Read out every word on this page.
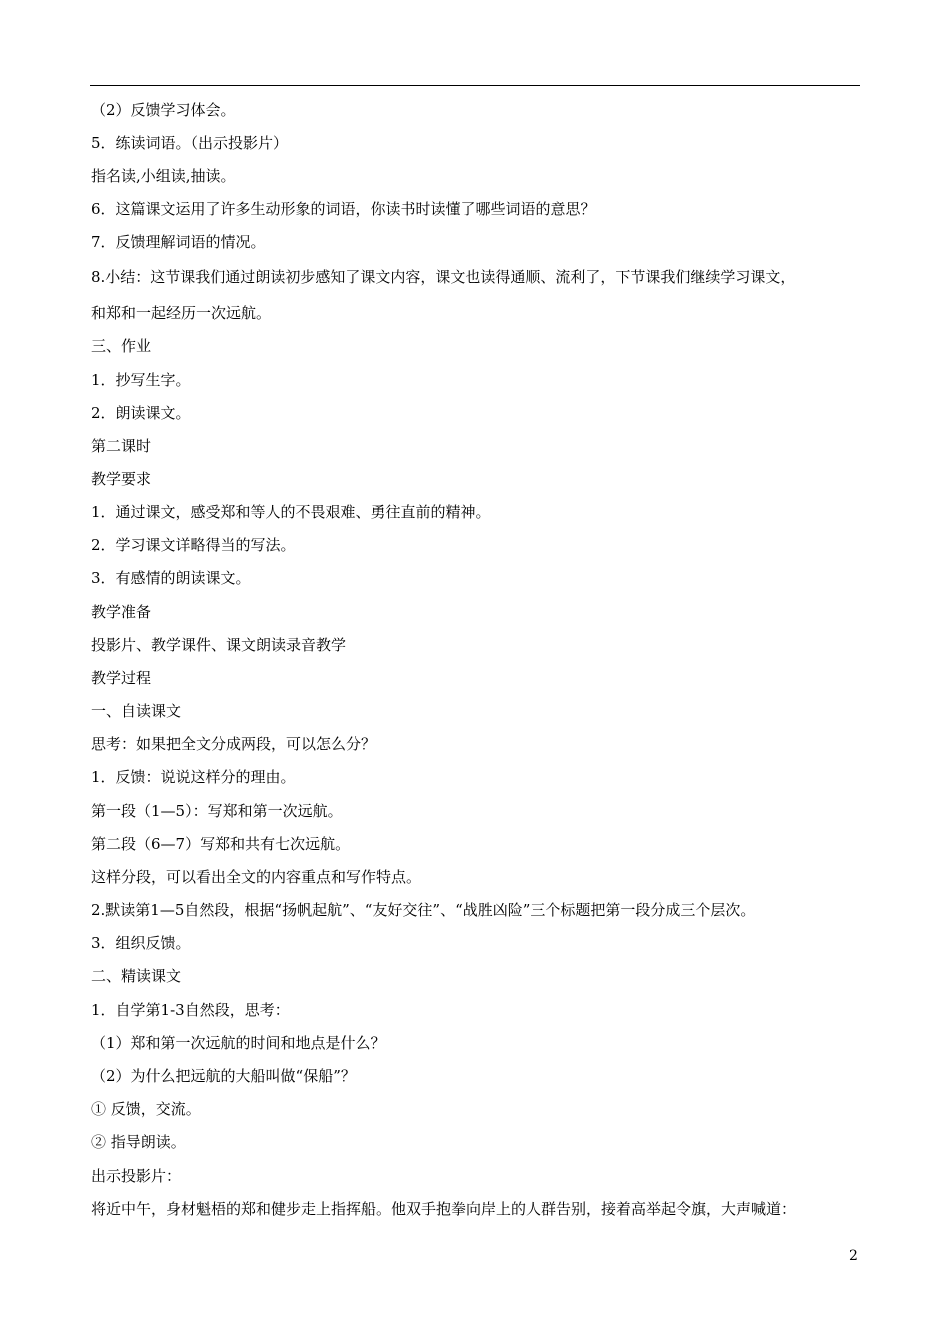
（2）反馈学习体会。
5．练读词语。（出示投影片）
指名读,小组读,抽读。
6．这篇课文运用了许多生动形象的词语，你读书时读懂了哪些词语的意思？
7．反馈理解词语的情况。
8.小结：这节课我们通过朗读初步感知了课文内容，课文也读得通顺、流利了，下节课我们继续学习课文，
和郑和一起经历一次远航。
三、作业
1．抄写生字。
2．朗读课文。
第二课时
教学要求
1．通过课文，感受郑和等人的不畏艰难、勇往直前的精神。
2．学习课文详略得当的写法。
3．有感情的朗读课文。
教学准备
投影片、教学课件、课文朗读录音教学
教学过程
一、自读课文
思考：如果把全文分成两段，可以怎么分？
1．反馈：说说这样分的理由。
第一段（1—5）：写郑和第一次远航。
第二段（6—7）写郑和共有七次远航。
这样分段，可以看出全文的内容重点和写作特点。
2.默读第1—5自然段，根据“扬帆起航”、“友好交往”、“战胜凶险”三个标题把第一段分成三个层次。
3．组织反馈。
二、精读课文
1．自学第1-3自然段，思考：
（1）郑和第一次远航的时间和地点是什么？
（2）为什么把远航的大船叫做“保船”？
① 反馈，交流。
② 指导朗读。
出示投影片：
将近中午，身材魁梧的郑和健步走上指挥船。他双手抱拳向岸上的人群告别，接着高举起令旗，大声喊道：
2
